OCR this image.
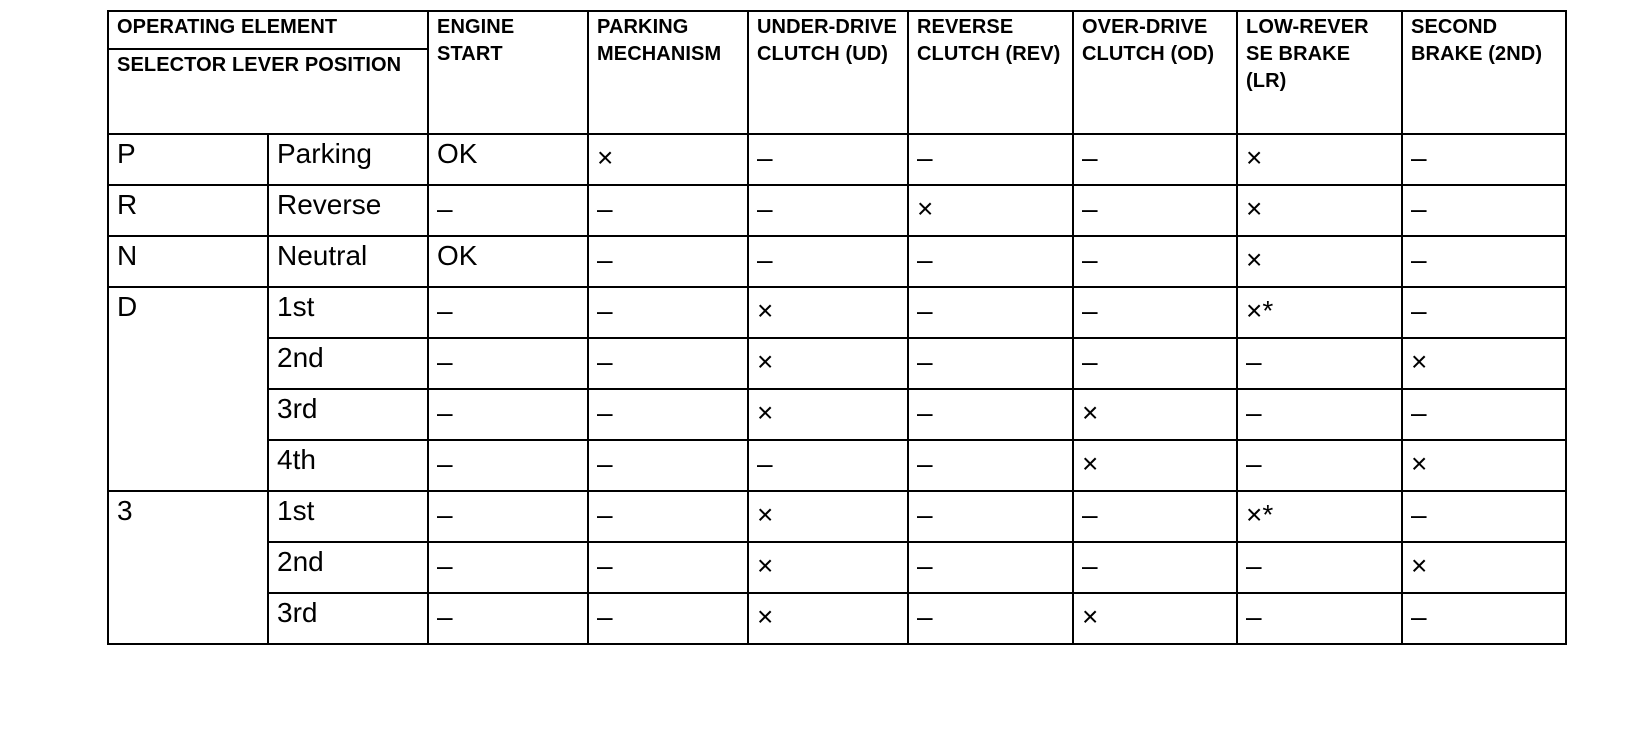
OPERATING ELEMENT		ENGINE START	PARKING MECHANISM	UNDER-DRIVE CLUTCH (UD)	REVERSE CLUTCH (REV)	OVER-DRIVE CLUTCH (OD)	LOW-REVER SE BRAKE (LR)	SECOND BRAKE (2ND)
SELECTOR LEVER POSITION								
P	Parking	OK	×	–	–	–	×	–
R	Reverse	–	–	–	×	–	×	–
N	Neutral	OK	–	–	–	–	×	–
D	1st	–	–	×	–	–	×*	–
	2nd	–	–	×	–	–	–	×
	3rd	–	–	×	–	×	–	–
	4th	–	–	–	–	×	–	×
3	1st	–	–	×	–	–	×*	–
	2nd	–	–	×	–	–	–	×
	3rd	–	–	×	–	×	–	–
